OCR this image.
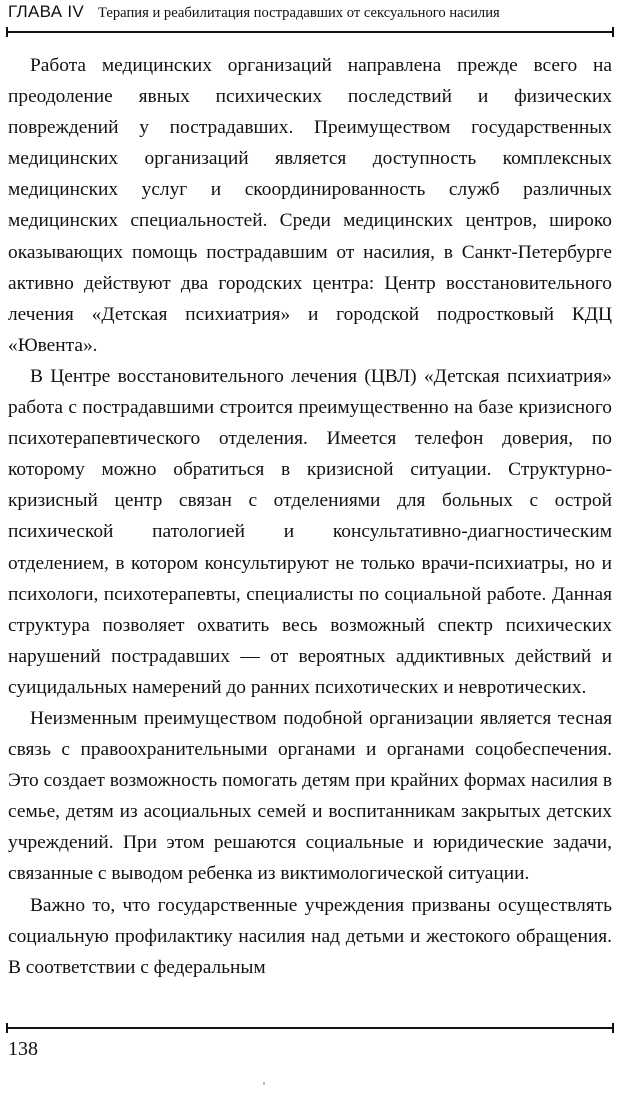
ГЛАВА IV Терапия и реабилитация пострадавших от сексуального насилия

Работа медицинских организаций направлена прежде всего на преодоление явных психических последствий и физических повреждений у пострадавших. Преимуществом государственных медицинских организаций является доступность комплексных медицинских услуг и скоординированность служб различных медицинских специальностей. Среди медицинских центров, широко оказывающих помощь пострадавшим от насилия, в Санкт-Петербурге активно действуют два городских центра: Центр восстановительного лечения «Детская психиатрия» и городской подростковый КДЦ «Ювента».

В Центре восстановительного лечения (ЦВЛ) «Детская психиатрия» работа с пострадавшими строится преимущественно на базе кризисного психотерапевтического отделения. Имеется телефон доверия, по которому можно обратиться в кризисной ситуации. Структурно-кризисный центр связан с отделениями для больных с острой психической патологией и консультативно-диагностическим отделением, в котором консультируют не только врачи-психиатры, но и психологи, психотерапевты, специалисты по социальной работе. Данная структура позволяет охватить весь возможный спектр психических нарушений пострадавших — от вероятных аддиктивных действий и суицидальных намерений до ранних психотических и невротических.

Неизменным преимуществом подобной организации является тесная связь с правоохранительными органами и органами соцобеспечения. Это создает возможность помогать детям при крайних формах насилия в семье, детям из асоциальных семей и воспитанникам закрытых детских учреждений. При этом решаются социальные и юридические задачи, связанные с выводом ребенка из виктимологической ситуации.

Важно то, что государственные учреждения призваны осуществлять социальную профилактику насилия над детьми и жестокого обращения. В соответствии с федеральным

138
